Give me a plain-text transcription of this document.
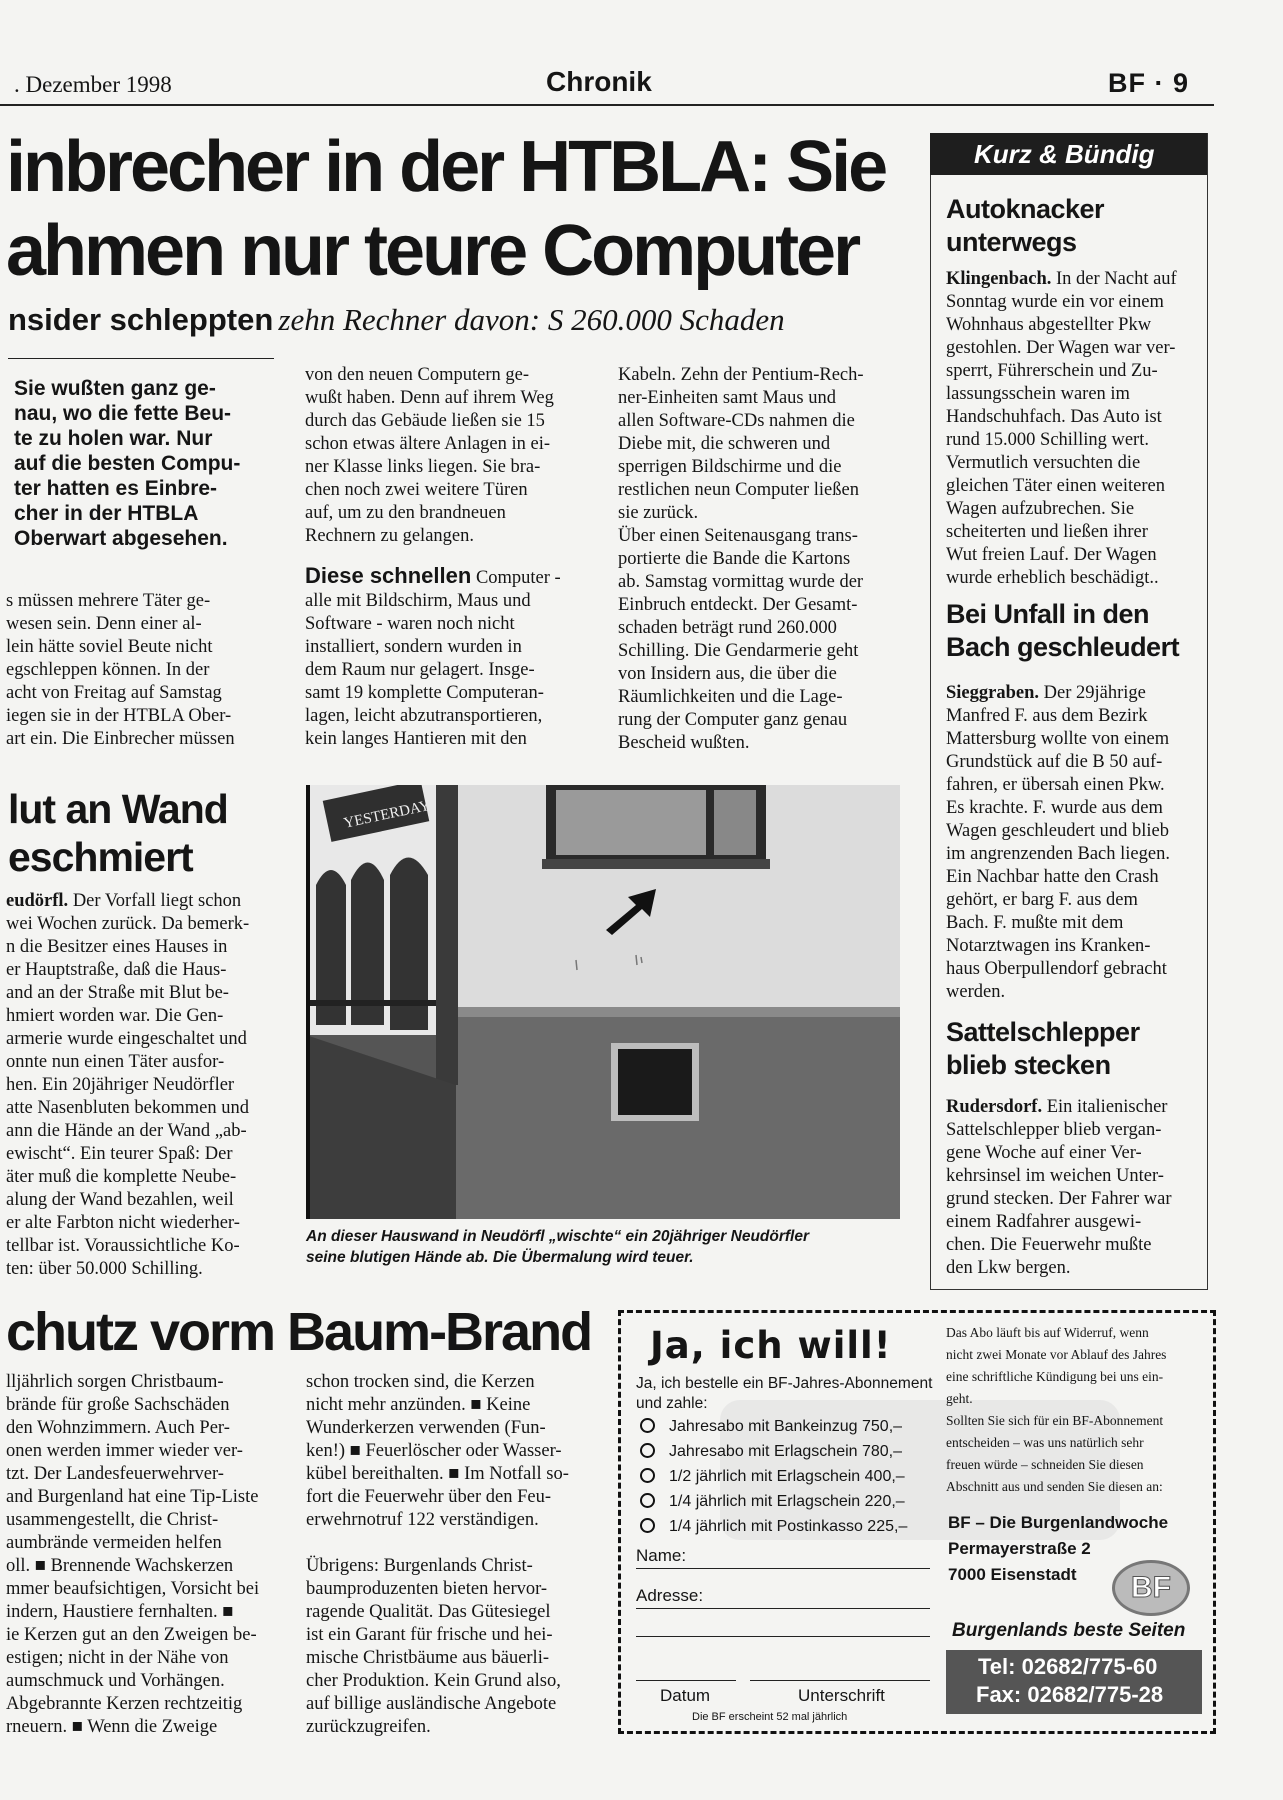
. Dezember 1998	Chronik	BF · 9
inbrecher in der HTBLA: Sie
ahmen nur teure Computer
nsider schleppten zehn Rechner davon: S 260.000 Schaden
Sie wußten ganz ge-
nau, wo die fette Beu-
te zu holen war. Nur
auf die besten Compu-
ter hatten es Einbre-
cher in der HTBLA
Oberwart abgesehen.
s müssen mehrere Täter ge-
wesen sein. Denn einer al-
lein hätte soviel Beute nicht
egschleppen können. In der
acht von Freitag auf Samstag
iegen sie in der HTBLA Ober-
art ein. Die Einbrecher müssen
von den neuen Computern ge-
wußt haben. Denn auf ihrem Weg
durch das Gebäude ließen sie 15
schon etwas ältere Anlagen in ei-
ner Klasse links liegen. Sie bra-
chen noch zwei weitere Türen
auf, um zu den brandneuen
Rechnern zu gelangen.

Diese schnellen Computer -

alle mit Bildschirm, Maus und
Software - waren noch nicht
installiert, sondern wurden in
dem Raum nur gelagert. Insge-
samt 19 komplette Computeran-
lagen, leicht abzutransportieren,
kein langes Hantieren mit den
Kabeln. Zehn der Pentium-Rech-
ner-Einheiten samt Maus und
allen Software-CDs nahmen die
Diebe mit, die schweren und
sperrigen Bildschirme und die
restlichen neun Computer ließen
sie zurück.
Über einen Seitenausgang trans-
portierte die Bande die Kartons
ab. Samstag vormittag wurde der
Einbruch entdeckt. Der Gesamt-
schaden beträgt rund 260.000
Schilling. Die Gendarmerie geht
von Insidern aus, die über die
Räumlichkeiten und die Lage-
rung der Computer ganz genau
Bescheid wußten.
lut an Wand
eschmiert

eudörfl. Der Vorfall liegt schon

wei Wochen zurück. Da bemerk-
n die Besitzer eines Hauses in
er Hauptstraße, daß die Haus-
and an der Straße mit Blut be-
hmiert worden war. Die Gen-
armerie wurde eingeschaltet und
onnte nun einen Täter ausfor-
hen. Ein 20jähriger Neudörfler
atte Nasenbluten bekommen und
ann die Hände an der Wand „ab-
ewischt“. Ein teurer Spaß: Der
äter muß die komplette Neube-
alung der Wand bezahlen, weil
er alte Farbton nicht wiederher-
tellbar ist. Voraussichtliche Ko-
ten: über 50.000 Schilling.
YESTERDAY
An dieser Hauswand in Neudörfl „wischte“ ein 20jähriger Neudörfler
seine blutigen Hände ab. Die Übermalung wird teuer.
Kurz & Bündig
Autoknacker
unterwegs

Klingenbach. In der Nacht auf

Sonntag wurde ein vor einem
Wohnhaus abgestellter Pkw
gestohlen. Der Wagen war ver-
sperrt, Führerschein und Zu-
lassungsschein waren im
Handschuhfach. Das Auto ist
rund 15.000 Schilling wert.
Vermutlich versuchten die
gleichen Täter einen weiteren
Wagen aufzubrechen. Sie
scheiterten und ließen ihrer
Wut freien Lauf. Der Wagen
wurde erheblich beschädigt..
Bei Unfall in den
Bach geschleudert

Sieggraben. Der 29jährige

Manfred F. aus dem Bezirk
Mattersburg wollte von einem
Grundstück auf die B 50 auf-
fahren, er übersah einen Pkw.
Es krachte. F. wurde aus dem
Wagen geschleudert und blieb
im angrenzenden Bach liegen.
Ein Nachbar hatte den Crash
gehört, er barg F. aus dem
Bach. F. mußte mit dem
Notarztwagen ins Kranken-
haus Oberpullendorf gebracht
werden.
Sattelschlepper
blieb stecken

Rudersdorf. Ein italienischer

Sattelschlepper blieb vergan-
gene Woche auf einer Ver-
kehrsinsel im weichen Unter-
grund stecken. Der Fahrer war
einem Radfahrer ausgewi-
chen. Die Feuerwehr mußte
den Lkw bergen.
chutz vorm Baum-Brand
lljährlich sorgen Christbaum-
brände für große Sachschäden
den Wohnzimmern. Auch Per-
onen werden immer wieder ver-
tzt. Der Landesfeuerwehrver-
and Burgenland hat eine Tip-Liste
usammengestellt, die Christ-
aumbrände vermeiden helfen
oll. ■ Brennende Wachskerzen
mmer beaufsichtigen, Vorsicht bei
indern, Haustiere fernhalten. ■
ie Kerzen gut an den Zweigen be-
estigen; nicht in der Nähe von
aumschmuck und Vorhängen.
Abgebrannte Kerzen rechtzeitig
rneuern. ■ Wenn die Zweige
schon trocken sind, die Kerzen
nicht mehr anzünden. ■ Keine
Wunderkerzen verwenden (Fun-
ken!) ■ Feuerlöscher oder Wasser-
kübel bereithalten. ■ Im Notfall so-
fort die Feuerwehr über den Feu-
erwehrnotruf 122 verständigen.
Übrigens: Burgenlands Christ-
baumproduzenten bieten hervor-
ragende Qualität. Das Gütesiegel
ist ein Garant für frische und hei-
mische Christbäume aus bäuerli-
cher Produktion. Kein Grund also,
auf billige ausländische Angebote
zurückzugreifen.
Ja, ich will!
Ja, ich bestelle ein BF-Jahres-Abonnement
und zahle:
Jahresabo mit Bankeinzug 750,–
Jahresabo mit Erlagschein 780,–
1/2 jährlich mit Erlagschein 400,–
1/4 jährlich mit Erlagschein 220,–
1/4 jährlich mit Postinkasso 225,–
Name:
Adresse:
Datum	Unterschrift
Die BF erscheint 52 mal jährlich
Das Abo läuft bis auf Widerruf, wenn
nicht zwei Monate vor Ablauf des Jahres
eine schriftliche Kündigung bei uns ein-
geht.
Sollten Sie sich für ein BF-Abonnement
entscheiden – was uns natürlich sehr
freuen würde – schneiden Sie diesen
Abschnitt aus und senden Sie diesen an:
BF – Die Burgenlandwoche
Permayerstraße 2
7000 Eisenstadt	BF
Burgenlands beste Seiten
Tel: 02682/775-60
Fax: 02682/775-28
